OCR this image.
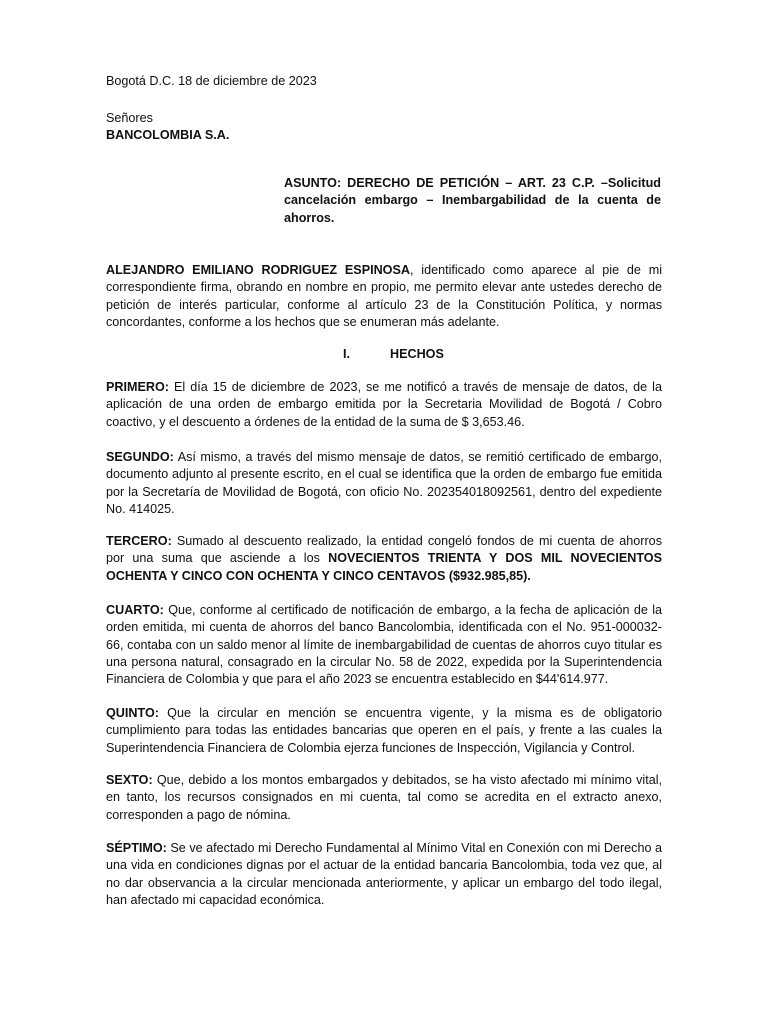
Bogotá D.C. 18 de diciembre de 2023
Señores
BANCOLOMBIA S.A.
ASUNTO: DERECHO DE PETICIÓN – ART. 23 C.P. –Solicitud cancelación embargo – Inembargabilidad de la cuenta de ahorros.

ALEJANDRO EMILIANO RODRIGUEZ ESPINOSA, identificado como aparece al pie de mi correspondiente firma, obrando en nombre en propio, me permito elevar ante ustedes derecho de petición de interés particular, conforme al artículo 23 de la Constitución Política, y normas concordantes, conforme a los hechos que se enumeran más adelante.

I.	HECHOS

PRIMERO: El día 15 de diciembre de 2023, se me notificó a través de mensaje de datos, de la aplicación de una orden de embargo emitida por la Secretaria Movilidad de Bogotá / Cobro coactivo, y el descuento a órdenes de la entidad de la suma de $ 3,653.46.

SEGUNDO: Así mismo, a través del mismo mensaje de datos, se remitió certificado de embargo, documento adjunto al presente escrito, en el cual se identifica que la orden de embargo fue emitida por la Secretaría de Movilidad de Bogotá, con oficio No. 202354018092561, dentro del expediente No. 414025.

TERCERO: Sumado al descuento realizado, la entidad congeló fondos de mi cuenta de ahorros por una suma que asciende a los NOVECIENTOS TRIENTA Y DOS MIL NOVECIENTOS OCHENTA Y CINCO CON OCHENTA Y CINCO CENTAVOS ($932.985,85).

CUARTO: Que, conforme al certificado de notificación de embargo, a la fecha de aplicación de la orden emitida, mi cuenta de ahorros del banco Bancolombia, identificada con el No. 951-000032-66, contaba con un saldo menor al límite de inembargabilidad de cuentas de ahorros cuyo titular es una persona natural, consagrado en la circular No. 58 de 2022, expedida por la Superintendencia Financiera de Colombia y que para el año 2023 se encuentra establecido en $44'614.977.

QUINTO: Que la circular en mención se encuentra vigente, y la misma es de obligatorio cumplimiento para todas las entidades bancarias que operen en el país, y frente a las cuales la Superintendencia Financiera de Colombia ejerza funciones de Inspección, Vigilancia y Control.

SEXTO: Que, debido a los montos embargados y debitados, se ha visto afectado mi mínimo vital, en tanto, los recursos consignados en mi cuenta, tal como se acredita en el extracto anexo, corresponden a pago de nómina.

SÉPTIMO: Se ve afectado mi Derecho Fundamental al Mínimo Vital en Conexión con mi Derecho a una vida en condiciones dignas por el actuar de la entidad bancaria Bancolombia, toda vez que, al no dar observancia a la circular mencionada anteriormente, y aplicar un embargo del todo ilegal, han afectado mi capacidad económica.
